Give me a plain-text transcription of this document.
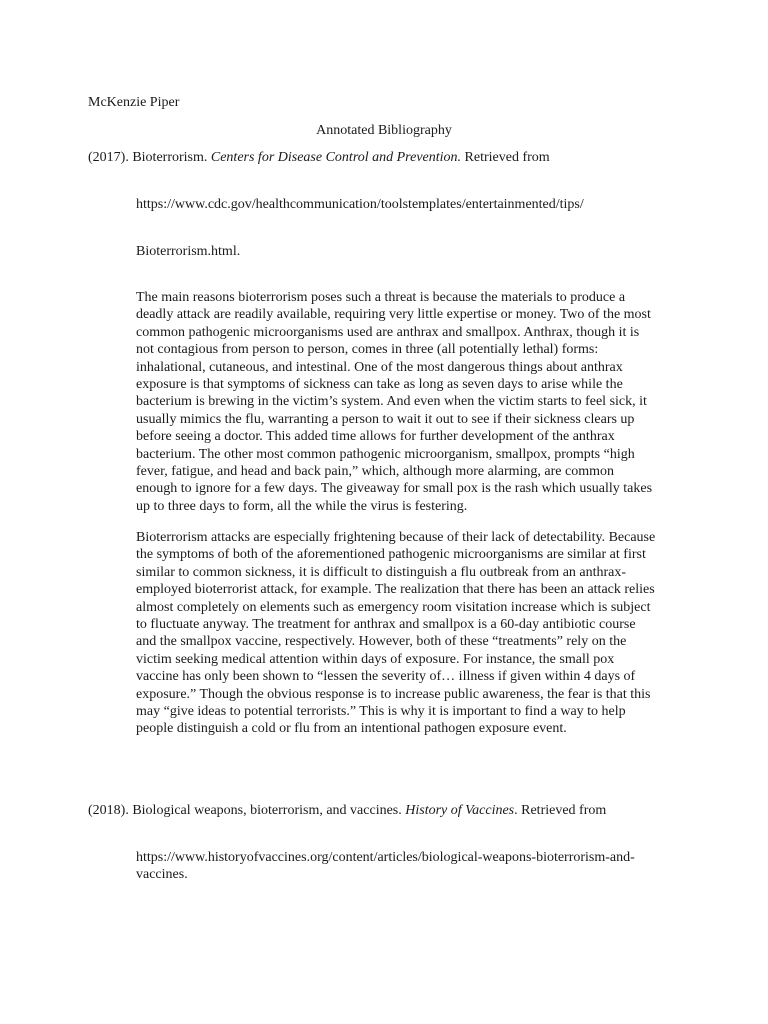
McKenzie Piper
Annotated Bibliography
(2017). Bioterrorism. Centers for Disease Control and Prevention. Retrieved from
https://www.cdc.gov/healthcommunication/toolstemplates/entertainmented/tips/
Bioterrorism.html.

The main reasons bioterrorism poses such a threat is because the materials to produce a deadly attack are readily available, requiring very little expertise or money. Two of the most common pathogenic microorganisms used are anthrax and smallpox. Anthrax, though it is not contagious from person to person, comes in three (all potentially lethal) forms: inhalational, cutaneous, and intestinal. One of the most dangerous things about anthrax exposure is that symptoms of sickness can take as long as seven days to arise while the bacterium is brewing in the victim’s system. And even when the victim starts to feel sick, it usually mimics the flu, warranting a person to wait it out to see if their sickness clears up before seeing a doctor. This added time allows for further development of the anthrax bacterium. The other most common pathogenic microorganism, smallpox, prompts “high fever, fatigue, and head and back pain,” which, although more alarming, are common enough to ignore for a few days. The giveaway for small pox is the rash which usually takes up to three days to form, all the while the virus is festering.

Bioterrorism attacks are especially frightening because of their lack of detectability. Because the symptoms of both of the aforementioned pathogenic microorganisms are similar at first similar to common sickness, it is difficult to distinguish a flu outbreak from an anthrax-employed bioterrorist attack, for example. The realization that there has been an attack relies almost completely on elements such as emergency room visitation increase which is subject to fluctuate anyway. The treatment for anthrax and smallpox is a 60-day antibiotic course and the smallpox vaccine, respectively. However, both of these “treatments” rely on the victim seeking medical attention within days of exposure. For instance, the small pox vaccine has only been shown to “lessen the severity of… illness if given within 4 days of exposure.” Though the obvious response is to increase public awareness, the fear is that this may “give ideas to potential terrorists.” This is why it is important to find a way to help people distinguish a cold or flu from an intentional pathogen exposure event.

(2018). Biological weapons, bioterrorism, and vaccines. History of Vaccines. Retrieved from
https://www.historyofvaccines.org/content/articles/biological-weapons-bioterrorism-and-
vaccines.
